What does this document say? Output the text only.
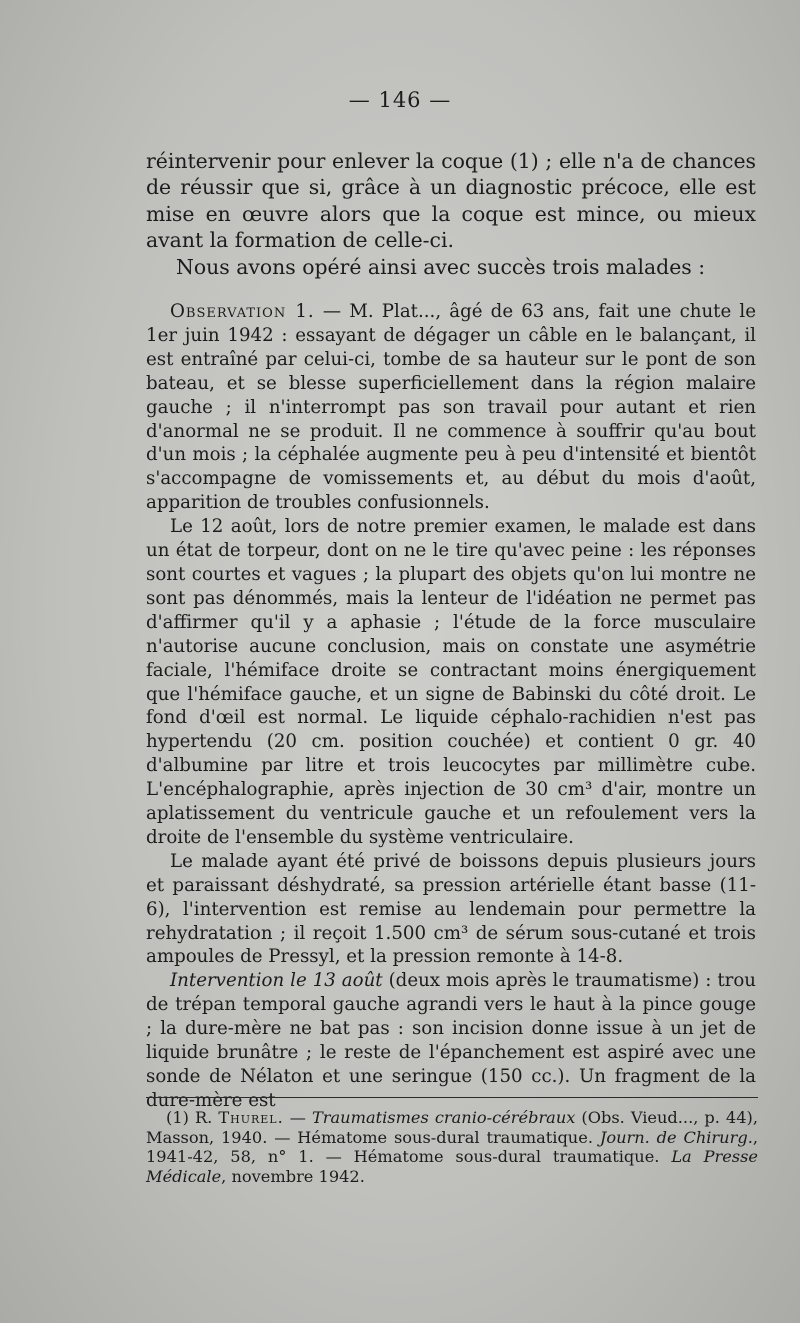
— 146 —

réintervenir pour enlever la coque (1) ; elle n'a de chances de réussir que si, grâce à un diagnostic précoce, elle est mise en œuvre alors que la coque est mince, ou mieux avant la formation de celle-ci.

Nous avons opéré ainsi avec succès trois malades :

Observation 1. — M. Plat..., âgé de 63 ans, fait une chute le 1er juin 1942 : essayant de dégager un câble en le balançant, il est entraîné par celui-ci, tombe de sa hauteur sur le pont de son bateau, et se blesse superficiellement dans la région malaire gauche ; il n'interrompt pas son travail pour autant et rien d'anormal ne se produit. Il ne commence à souffrir qu'au bout d'un mois ; la céphalée augmente peu à peu d'intensité et bientôt s'accompagne de vomissements et, au début du mois d'août, apparition de troubles confusionnels.

Le 12 août, lors de notre premier examen, le malade est dans un état de torpeur, dont on ne le tire qu'avec peine : les réponses sont courtes et vagues ; la plupart des objets qu'on lui montre ne sont pas dénommés, mais la lenteur de l'idéation ne permet pas d'affirmer qu'il y a aphasie ; l'étude de la force musculaire n'autorise aucune conclusion, mais on constate une asymétrie faciale, l'hémiface droite se contractant moins énergiquement que l'hémiface gauche, et un signe de Babinski du côté droit. Le fond d'œil est normal. Le liquide céphalo-rachidien n'est pas hypertendu (20 cm. position couchée) et contient 0 gr. 40 d'albumine par litre et trois leucocytes par millimètre cube. L'encéphalographie, après injection de 30 cm³ d'air, montre un aplatissement du ventricule gauche et un refoulement vers la droite de l'ensemble du système ventriculaire.

Le malade ayant été privé de boissons depuis plusieurs jours et paraissant déshydraté, sa pression artérielle étant basse (11-6), l'intervention est remise au lendemain pour permettre la rehydratation ; il reçoit 1.500 cm³ de sérum sous-cutané et trois ampoules de Pressyl, et la pression remonte à 14-8.

Intervention le 13 août (deux mois après le traumatisme) : trou de trépan temporal gauche agrandi vers le haut à la pince gouge ; la dure-mère ne bat pas : son incision donne issue à un jet de liquide brunâtre ; le reste de l'épanchement est aspiré avec une sonde de Nélaton et une seringue (150 cc.). Un fragment de la dure-mère est

(1) R. Thurel. — Traumatismes cranio-cérébraux (Obs. Vieud..., p. 44), Masson, 1940. — Hématome sous-dural traumatique. Journ. de Chirurg., 1941-42, 58, n° 1. — Hématome sous-dural traumatique. La Presse Médicale, novembre 1942.
